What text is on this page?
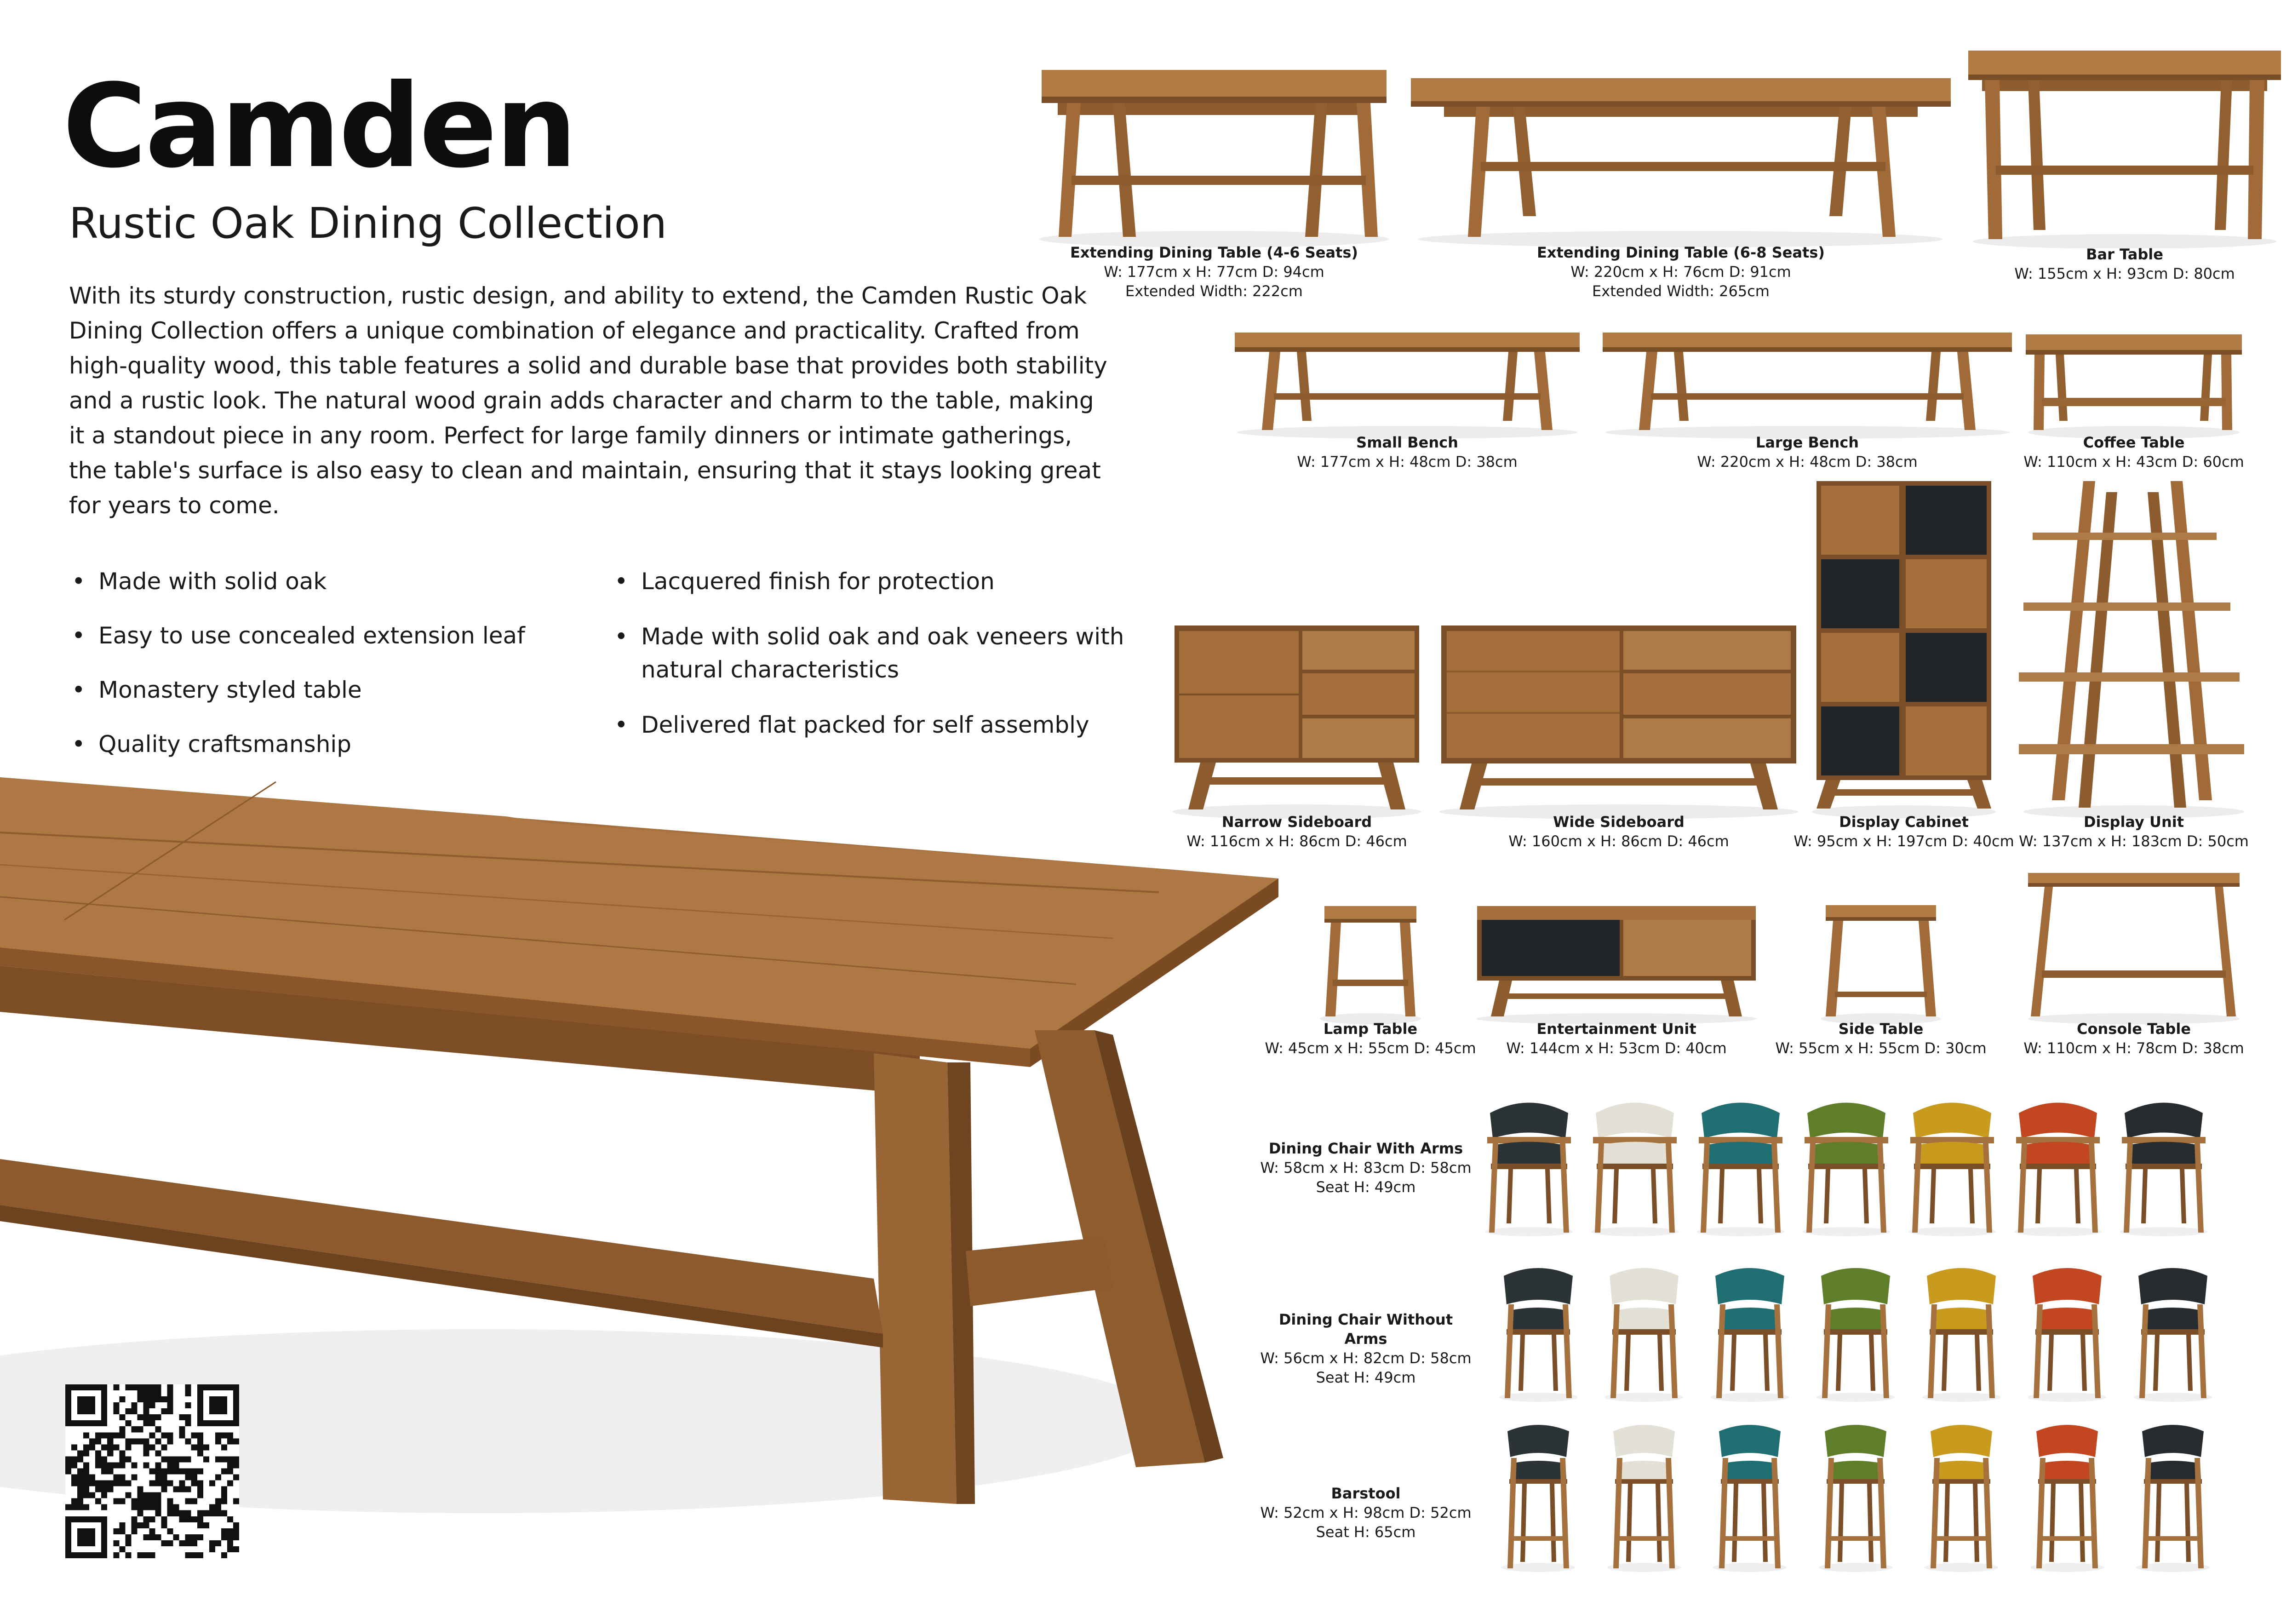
Camden
Rustic Oak Dining Collection

With its sturdy construction, rustic design, and ability to extend, the Camden Rustic Oak Dining Collection offers a unique combination of elegance and practicality. Crafted from high-quality wood, this table features a solid and durable base that provides both stability and a rustic look. The natural wood grain adds character and charm to the table, making it a standout piece in any room. Perfect for large family dinners or intimate gatherings, the table's surface is also easy to clean and maintain, ensuring that it stays looking great for years to come.

• Made with solid oak
• Easy to use concealed extension leaf
• Monastery styled table
• Quality craftsmanship
• Lacquered finish for protection
• Made with solid oak and oak veneers with natural characteristics
• Delivered flat packed for self assembly
Extending Dining Table (4-6 Seats)
W: 177cm x H: 77cm D: 94cm
Extended Width: 222cm
Extending Dining Table (6-8 Seats)
W: 220cm x H: 76cm D: 91cm
Extended Width: 265cm
Bar Table
W: 155cm x H: 93cm D: 80cm
Small Bench
W: 177cm x H: 48cm D: 38cm
Large Bench
W: 220cm x H: 48cm D: 38cm
Coffee Table
W: 110cm x H: 43cm D: 60cm
Narrow Sideboard
W: 116cm x H: 86cm D: 46cm
Wide Sideboard
W: 160cm x H: 86cm D: 46cm
Display Cabinet
W: 95cm x H: 197cm D: 40cm
Display Unit
W: 137cm x H: 183cm D: 50cm
Lamp Table
W: 45cm x H: 55cm D: 45cm
Entertainment Unit
W: 144cm x H: 53cm D: 40cm
Side Table
W: 55cm x H: 55cm D: 30cm
Console Table
W: 110cm x H: 78cm D: 38cm
Dining Chair With Arms
W: 58cm x H: 83cm D: 58cm
Seat H: 49cm
Dining Chair Without Arms
W: 56cm x H: 82cm D: 58cm
Seat H: 49cm
Barstool
W: 52cm x H: 98cm D: 52cm
Seat H: 65cm
